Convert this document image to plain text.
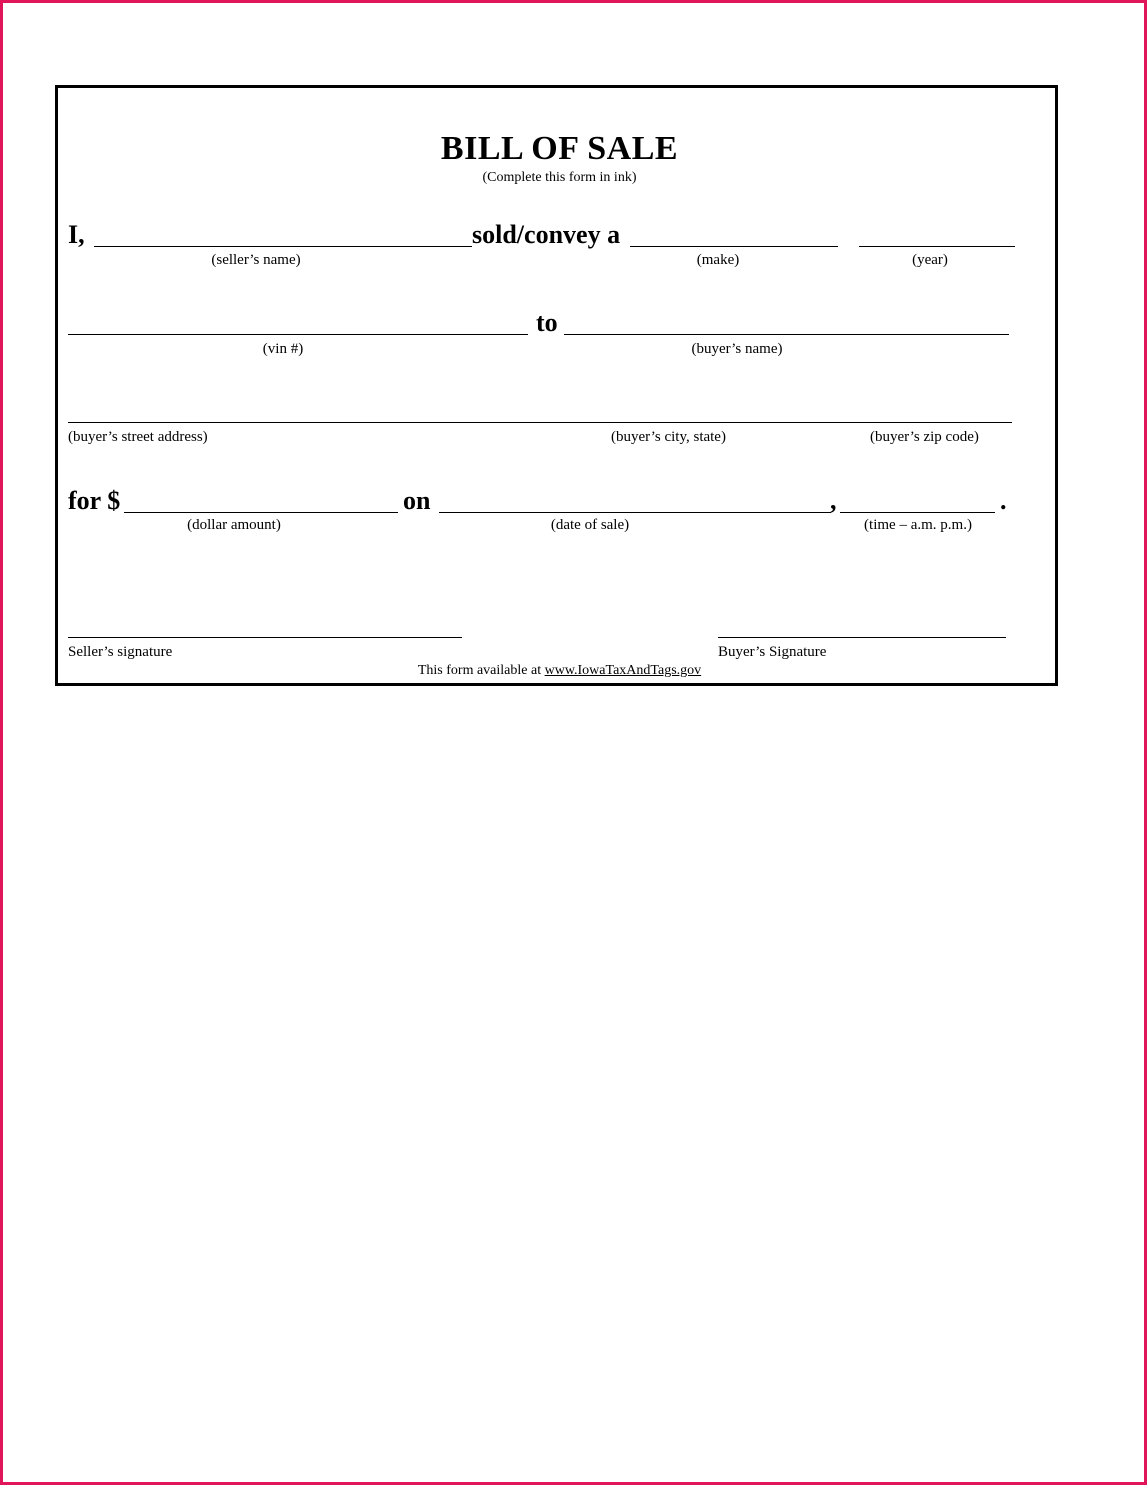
BILL OF SALE
(Complete this form in ink)
I,	sold/convey a
(seller’s name)	(make)	(year)
to
(vin #)	(buyer’s name)
(buyer’s street address)	(buyer’s city, state)	(buyer’s zip code)
for $	on	,	.
(dollar amount)	(date of sale)	(time – a.m. p.m.)
Seller’s signature	Buyer’s Signature
This form available at www.IowaTaxAndTags.gov
